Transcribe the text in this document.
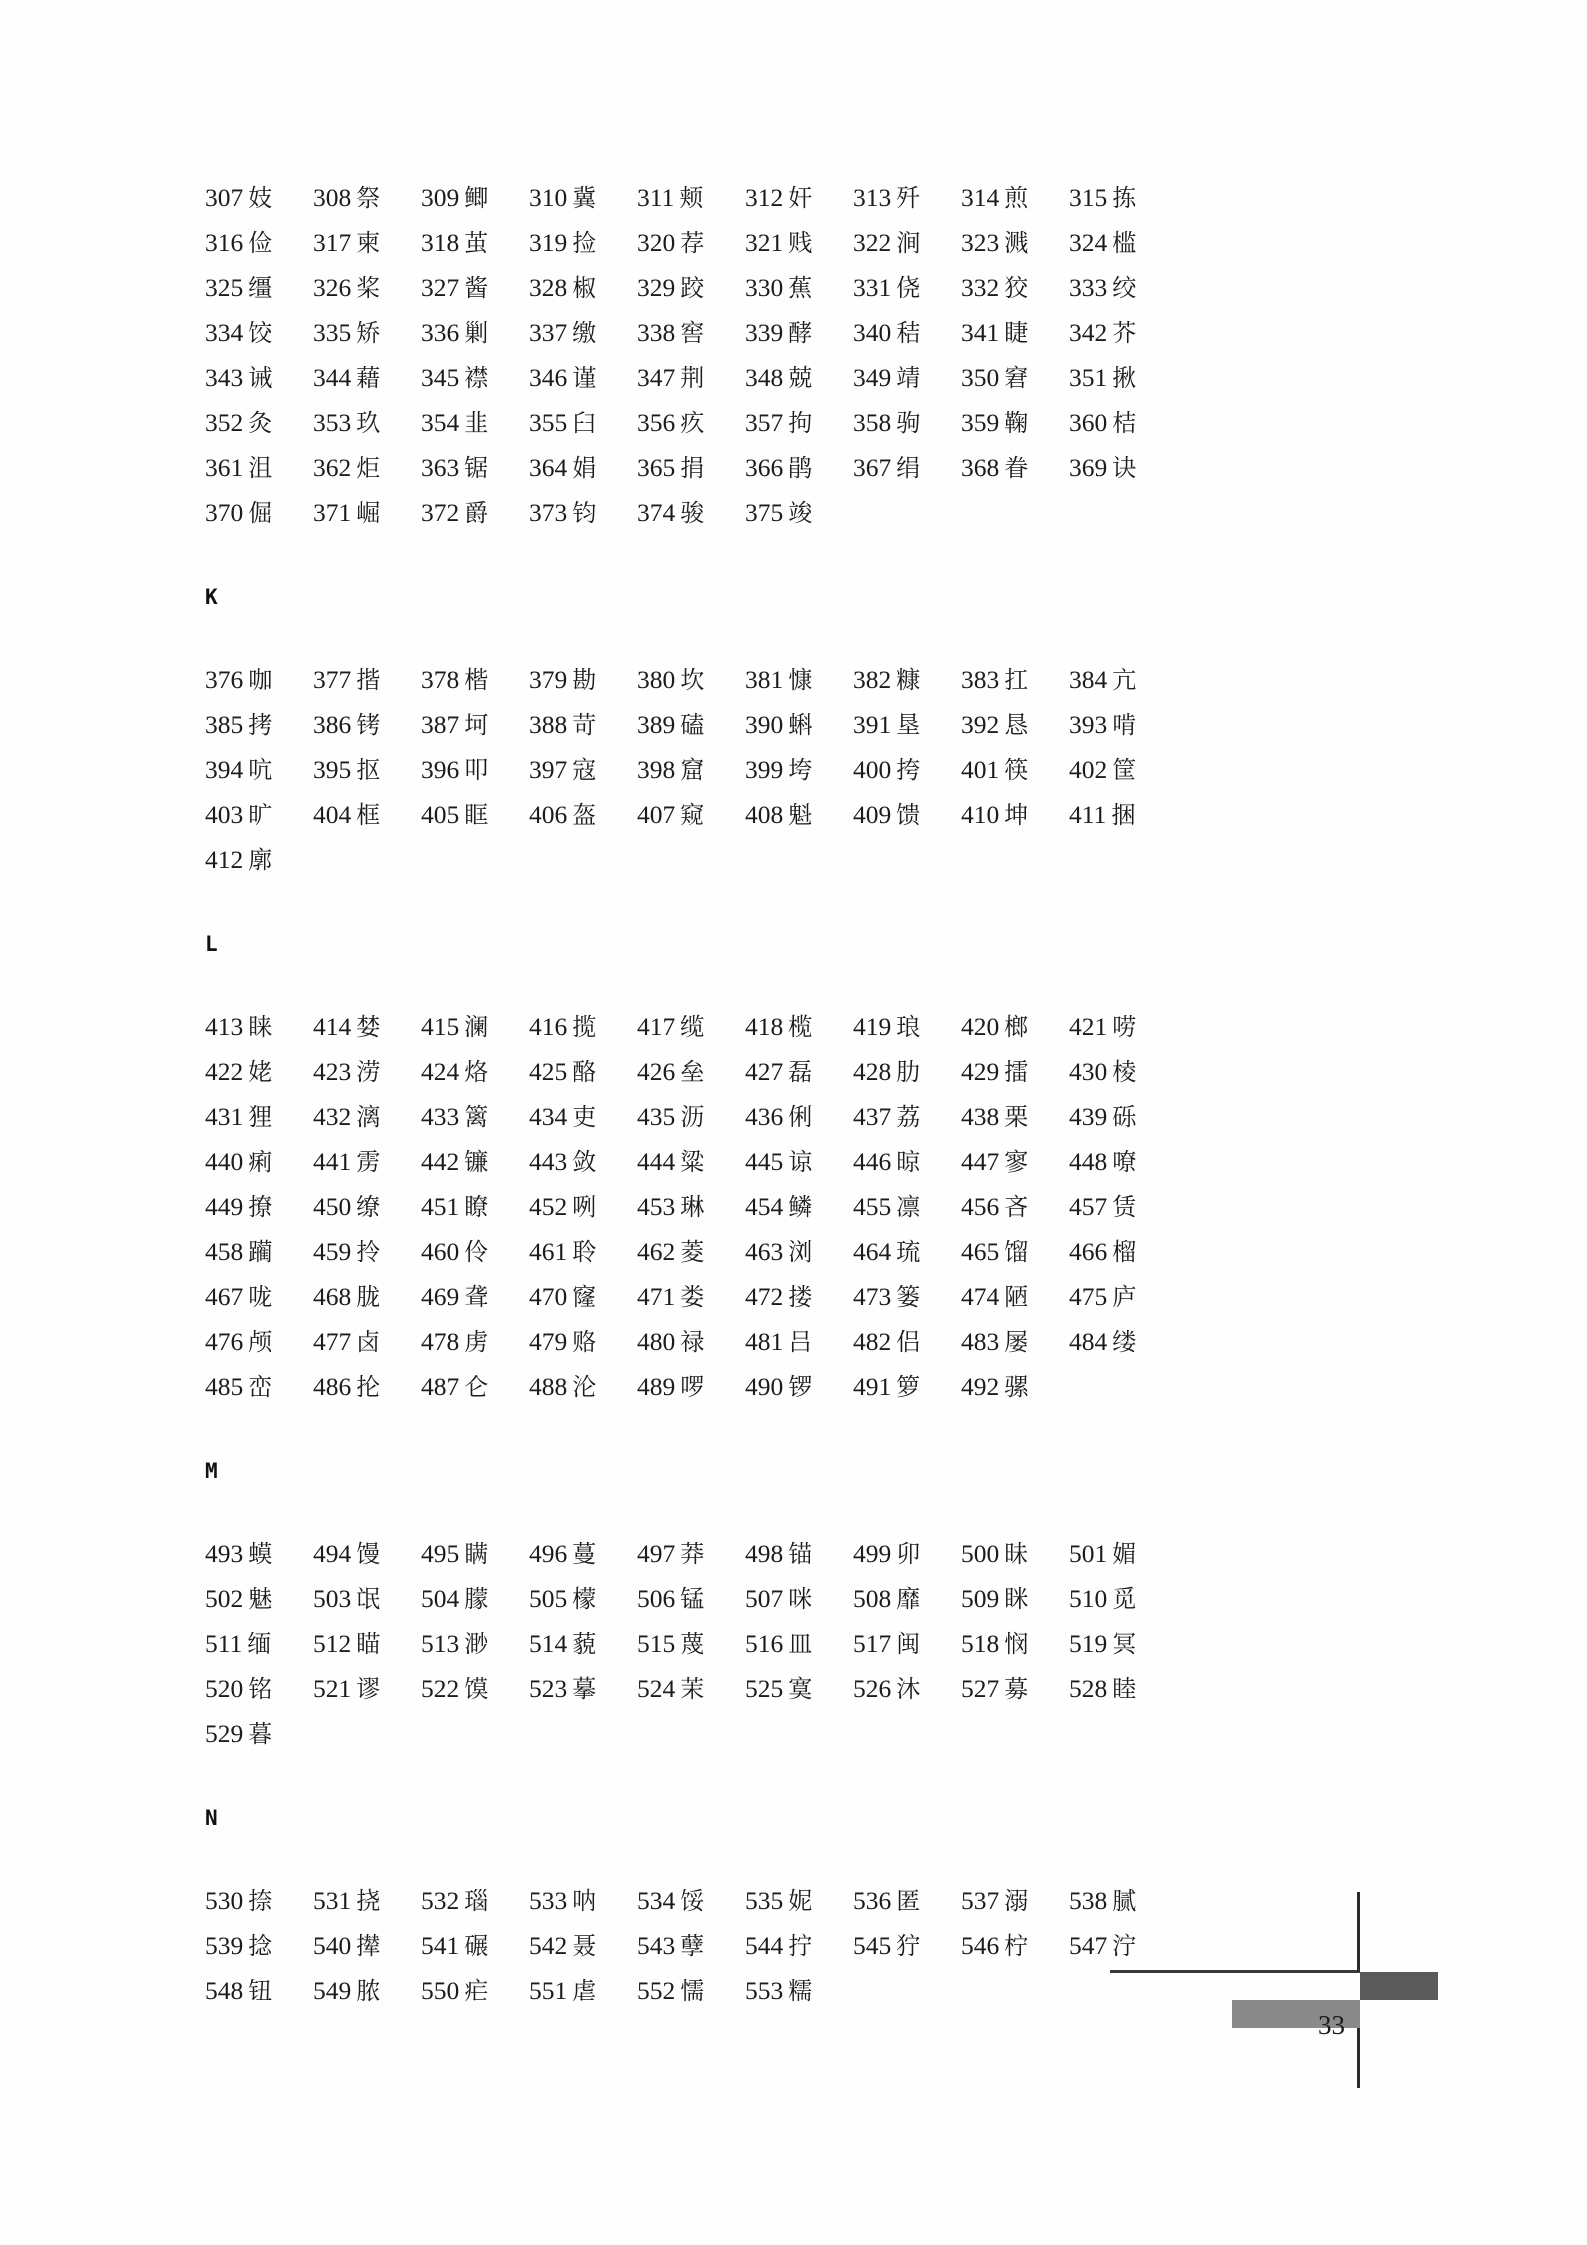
307 妓	308 祭	309 鲫	310 冀	311 颊	312 奸	313 歼	314 煎	315 拣
316 俭	317 柬	318 茧	319 捡	320 荐	321 贱	322 涧	323 溅	324 槛
325 缰	326 桨	327 酱	328 椒	329 跤	330 蕉	331 侥	332 狡	333 绞
334 饺	335 矫	336 剿	337 缴	338 窖	339 酵	340 秸	341 睫	342 芥
343 诫	344 藉	345 襟	346 谨	347 荆	348 兢	349 靖	350 窘	351 揪
352 灸	353 玖	354 韭	355 臼	356 疚	357 拘	358 驹	359 鞠	360 桔
361 沮	362 炬	363 锯	364 娟	365 捐	366 鹃	367 绢	368 眷	369 诀
370 倔	371 崛	372 爵	373 钧	374 骏	375 竣
K
376 咖	377 揩	378 楷	379 勘	380 坎	381 慷	382 糠	383 扛	384 亢
385 拷	386 铐	387 坷	388 苛	389 磕	390 蝌	391 垦	392 恳	393 啃
394 吭	395 抠	396 叩	397 寇	398 窟	399 垮	400 挎	401 筷	402 筐
403 旷	404 框	405 眶	406 盔	407 窥	408 魁	409 馈	410 坤	411 捆
412 廓
L
413 睐	414 婪	415 澜	416 揽	417 缆	418 榄	419 琅	420 榔	421 唠
422 姥	423 涝	424 烙	425 酪	426 垒	427 磊	428 肋	429 擂	430 棱
431 狸	432 漓	433 篱	434 吏	435 沥	436 俐	437 荔	438 栗	439 砾
440 痢	441 雳	442 镰	443 敛	444 粱	445 谅	446 晾	447 寥	448 嘹
449 撩	450 缭	451 瞭	452 咧	453 琳	454 鳞	455 凛	456 吝	457 赁
458 躏	459 拎	460 伶	461 聆	462 菱	463 浏	464 琉	465 馏	466 榴
467 咙	468 胧	469 聋	470 窿	471 娄	472 搂	473 篓	474 陋	475 庐
476 颅	477 卤	478 虏	479 赂	480 禄	481 吕	482 侣	483 屡	484 缕
485 峦	486 抡	487 仑	488 沦	489 啰	490 锣	491 箩	492 骡
M
493 蟆	494 馒	495 瞒	496 蔓	497 莽	498 锚	499 卯	500 昧	501 媚
502 魅	503 氓	504 朦	505 檬	506 锰	507 咪	508 靡	509 眯	510 觅
511 缅	512 瞄	513 渺	514 藐	515 蔑	516 皿	517 闽	518 悯	519 冥
520 铭	521 谬	522 馍	523 摹	524 茉	525 寞	526 沐	527 募	528 睦
529 暮
N
530 捺	531 挠	532 瑙	533 呐	534 馁	535 妮	536 匿	537 溺	538 腻
539 捻	540 撵	541 碾	542 聂	543 孽	544 拧	545 狞	546 柠	547 泞
548 钮	549 脓	550 疟	551 虐	552 懦	553 糯
33
